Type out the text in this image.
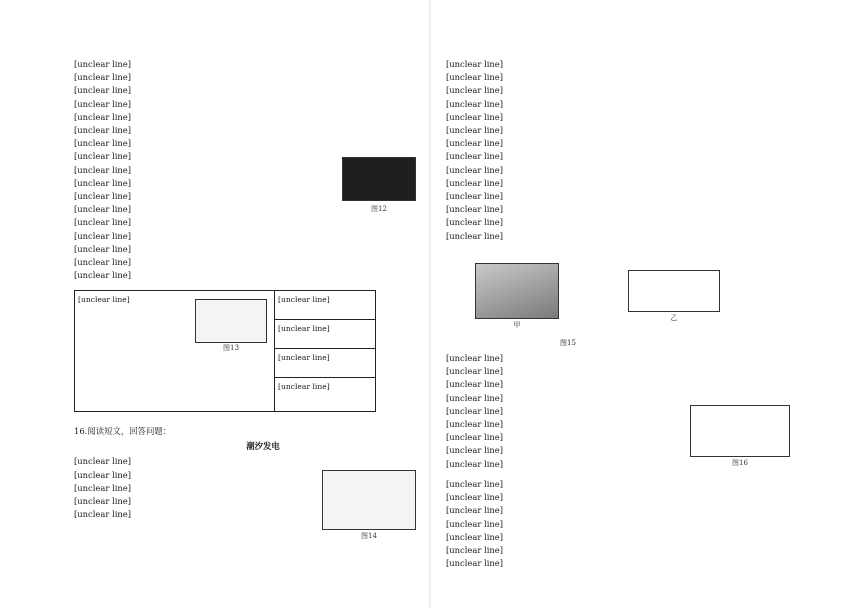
[unclear line]
[unclear line]
[unclear line]
[unclear line]
[unclear line]
[unclear line]
[unclear line]
[unclear line]
[unclear line]
[unclear line]
[unclear line]
[unclear line]
[unclear line]
[unclear line]
[unclear line]
[unclear line]
[unclear line]
图12
[unclear line]
图13
[unclear line]
[unclear line]
[unclear line]
[unclear line]
16.阅读短文，回答问题：
潮汐发电
[unclear line]
[unclear line]
[unclear line]
[unclear line]
[unclear line]
图14
[unclear line]
[unclear line]
[unclear line]
[unclear line]
[unclear line]
[unclear line]
[unclear line]
[unclear line]
[unclear line]
[unclear line]
[unclear line]
[unclear line]
[unclear line]
[unclear line]
甲
乙
图15
[unclear line]
[unclear line]
[unclear line]
[unclear line]
[unclear line]
[unclear line]
[unclear line]
[unclear line]
[unclear line]	图16
[unclear line]
[unclear line]
[unclear line]
[unclear line]
[unclear line]
[unclear line]
[unclear line]
